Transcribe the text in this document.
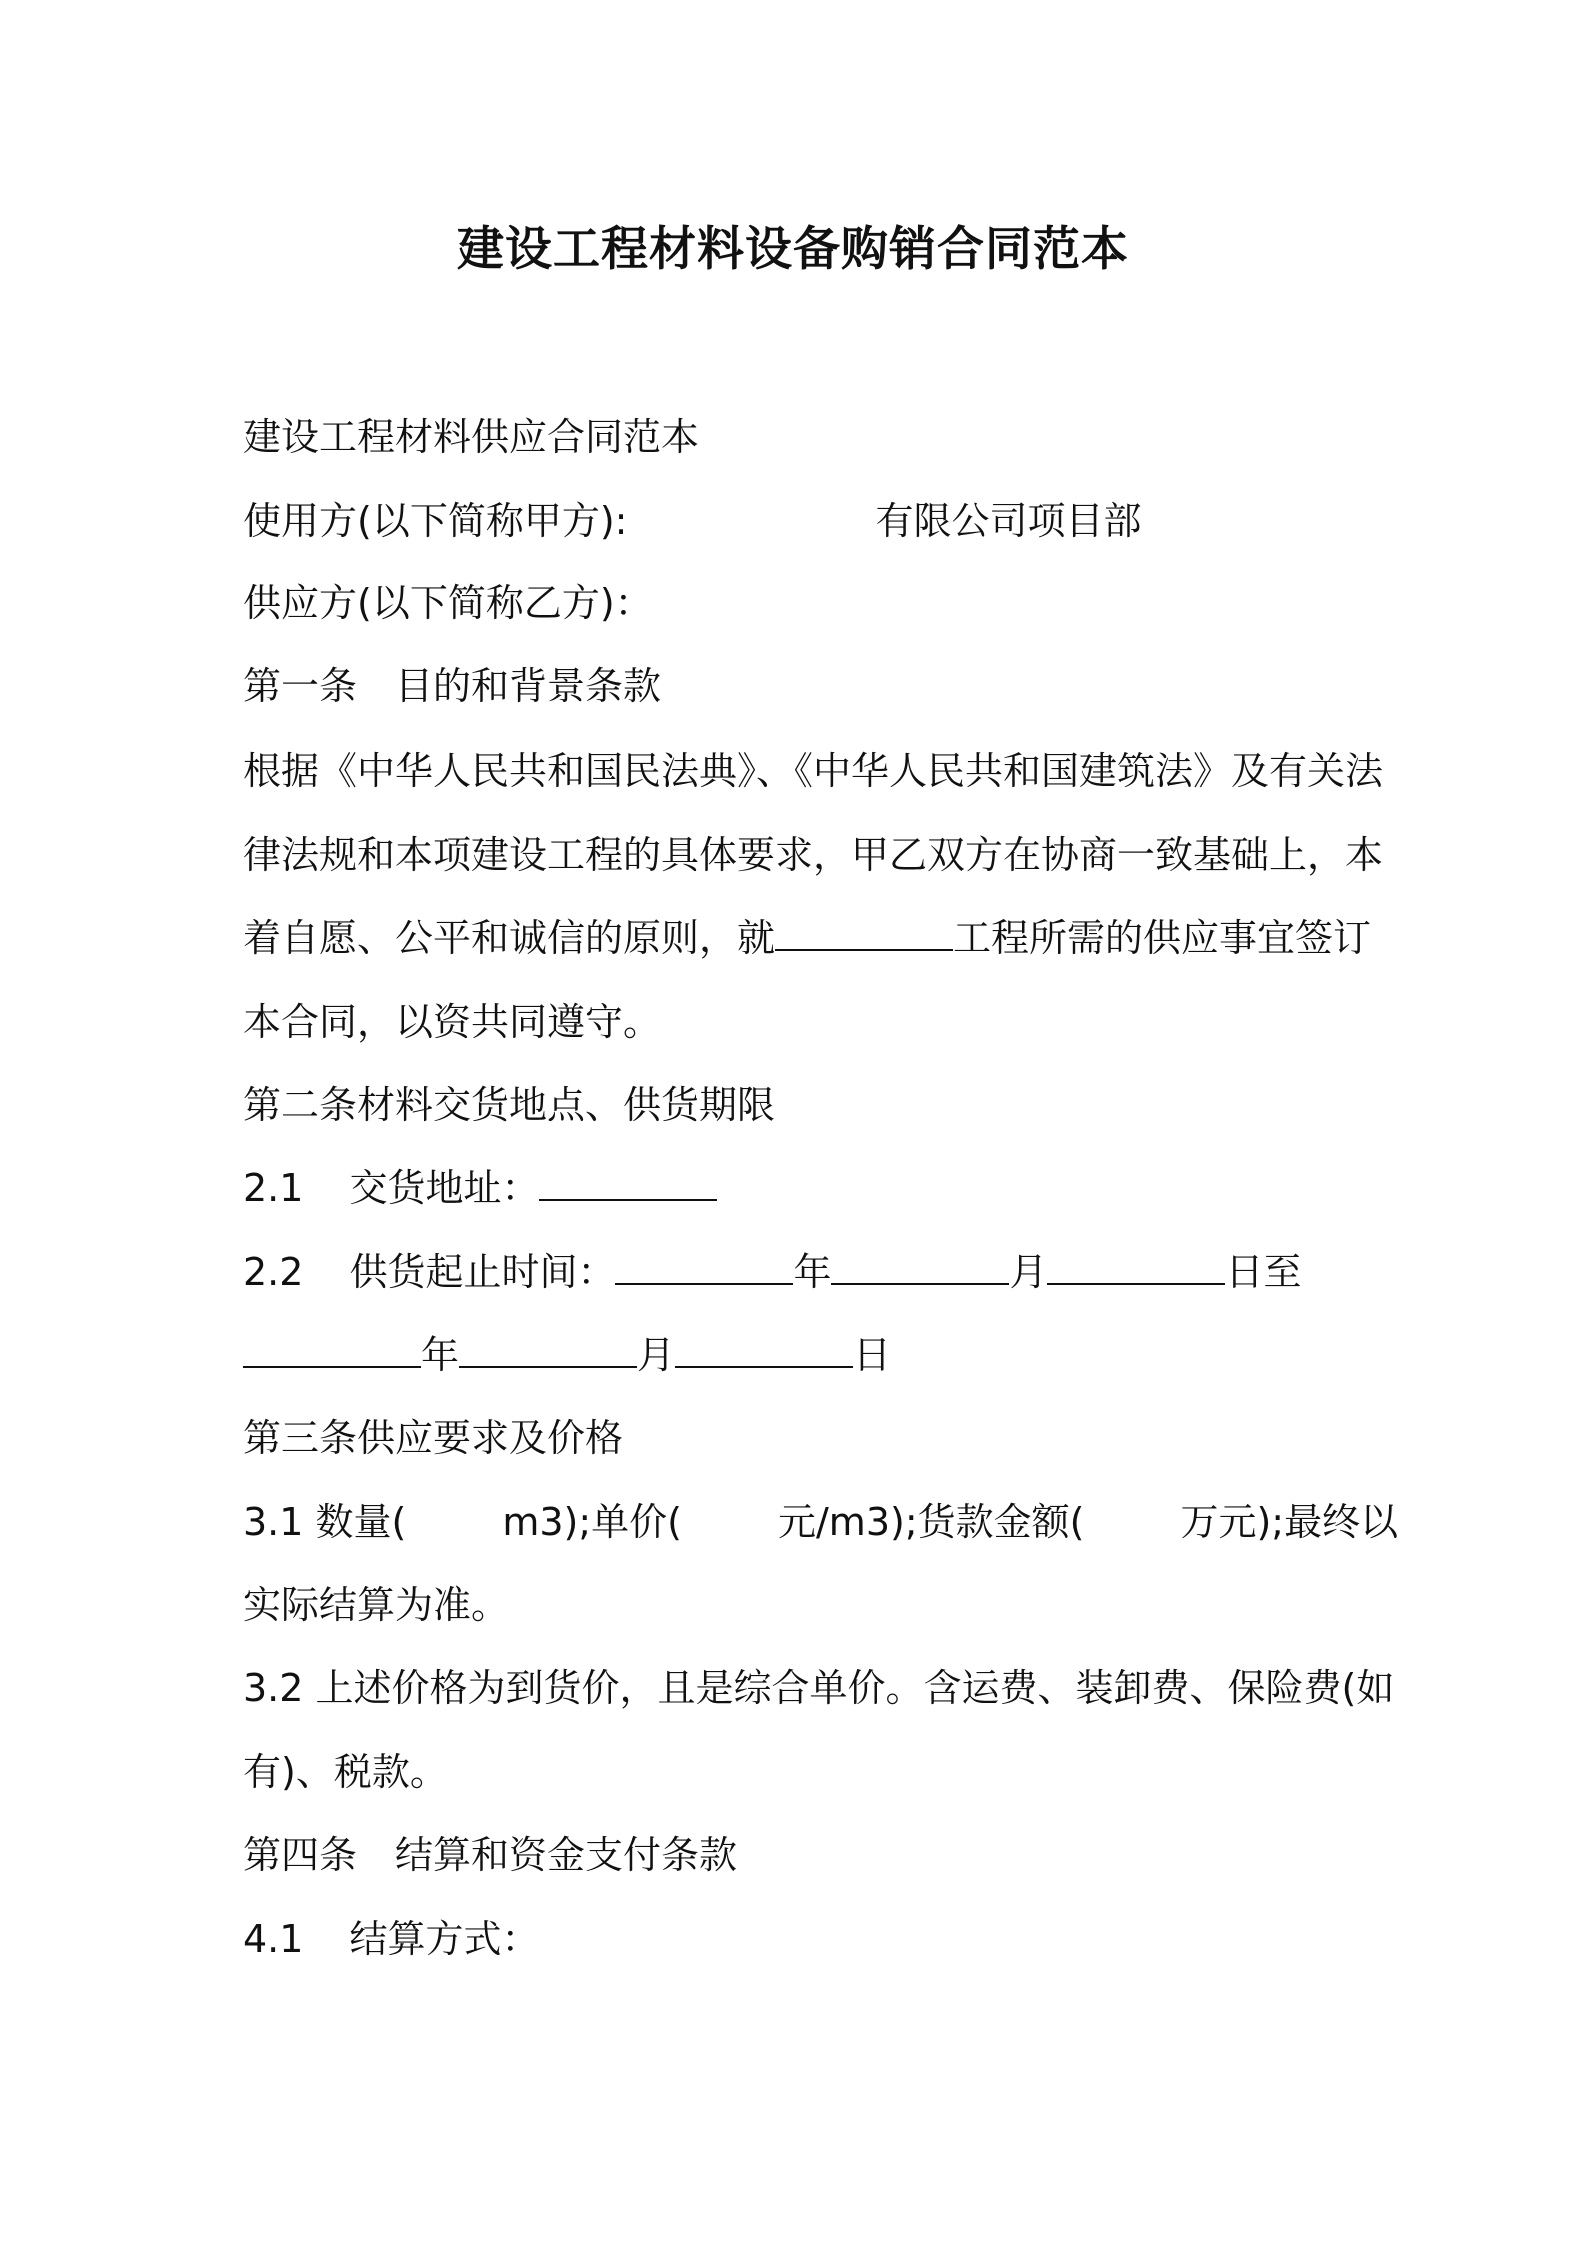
建设工程材料设备购销合同范本

建设工程材料供应合同范本

使用方(以下简称甲方):	有限公司项目部

供应方(以下简称乙方)：

第一条　目的和背景条款

根据《中华人民共和国民法典》、《中华人民共和国建筑法》及有关法

律法规和本项建设工程的具体要求，甲乙双方在协商一致基础上，本

着自愿、公平和诚信的原则，就	工程所需的供应事宜签订

本合同，以资共同遵守。

第二条材料交货地点、供货期限

2.1 交货地址：

2.2 供货起止时间：	年	月	日至

年	月	日

第三条供应要求及价格

3.1 数量(	m3);单价(	元/m3);货款金额(	万元);最终以

实际结算为准。

3.2 上述价格为到货价，且是综合单价。含运费、装卸费、保险费(如

有)、税款。

第四条　结算和资金支付条款

4.1 结算方式：
